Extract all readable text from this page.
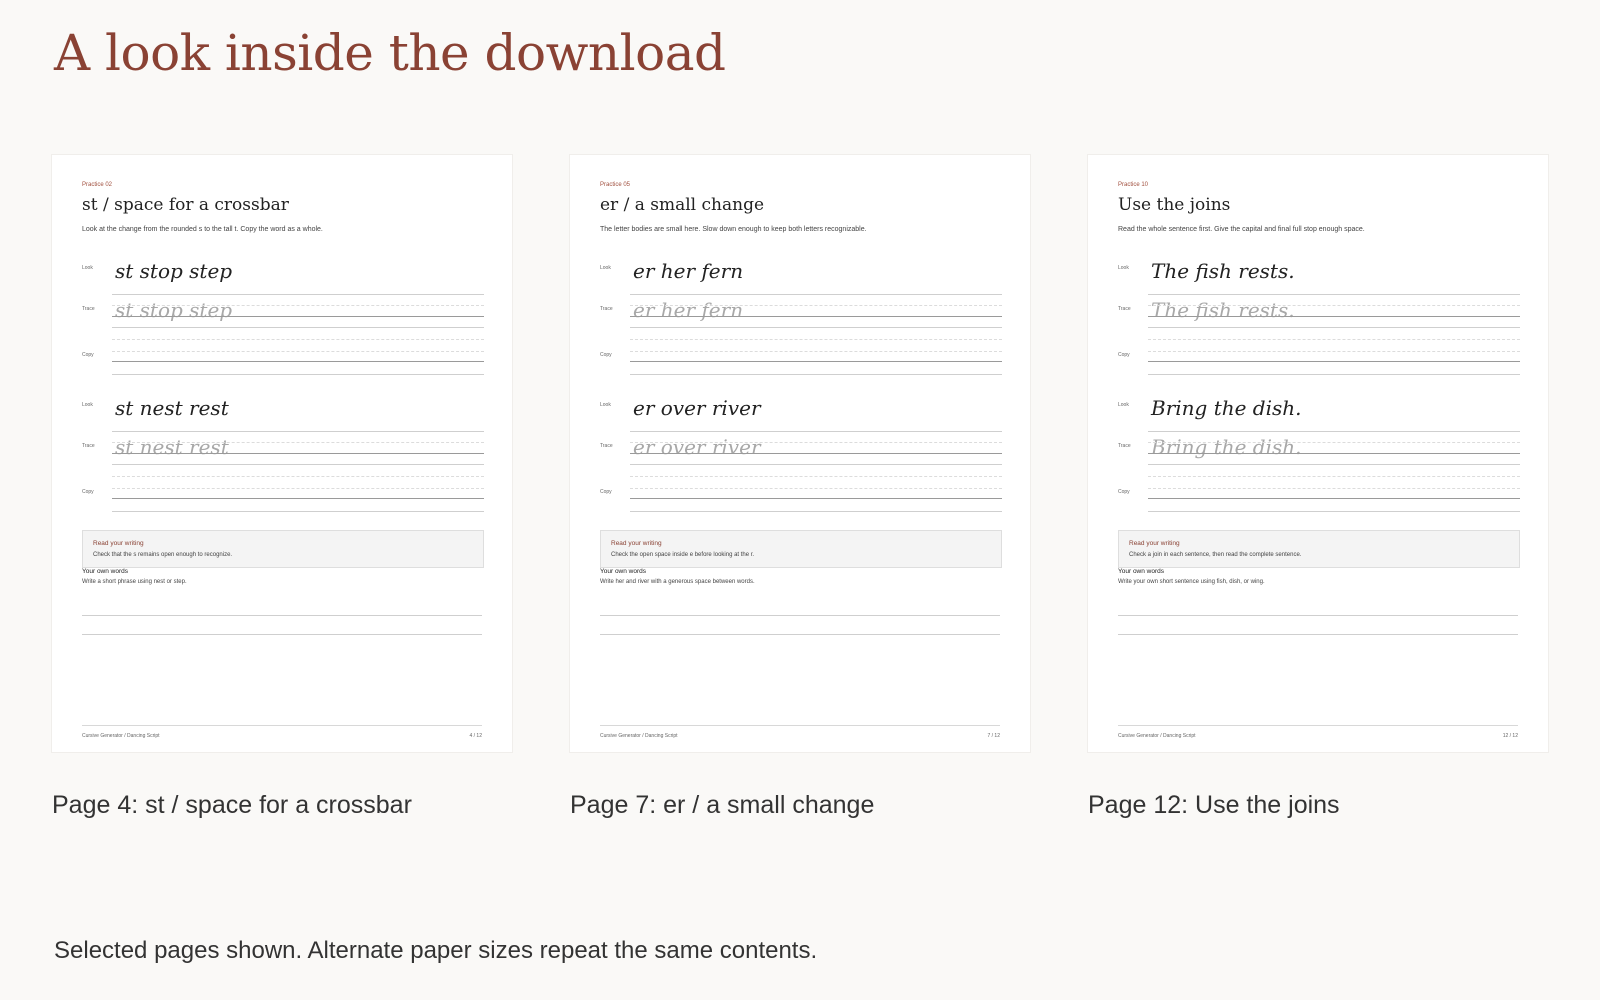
A look inside the download
Practice 02
st / space for a crossbar
Look at the change from the rounded s to the tall t. Copy the word as a whole.
Look
Trace
Copy
st stop step
st stop step
Look
Trace
Copy
st nest rest
st nest rest
Read your writing
Check that the s remains open enough to recognize.
Your own words
Write a short phrase using nest or step.
Cursive Generator / Dancing Script	4 / 12
Page 4: st / space for a crossbar
Practice 05
er / a small change
The letter bodies are small here. Slow down enough to keep both letters recognizable.
Look
Trace
Copy
er her fern
er her fern
Look
Trace
Copy
er over river
er over river
Read your writing
Check the open space inside e before looking at the r.
Your own words
Write her and river with a generous space between words.
Cursive Generator / Dancing Script	7 / 12
Page 7: er / a small change
Practice 10
Use the joins
Read the whole sentence first. Give the capital and final full stop enough space.
Look
Trace
Copy
The fish rests.
The fish rests.
Look
Trace
Copy
Bring the dish.
Bring the dish.
Read your writing
Check a join in each sentence, then read the complete sentence.
Your own words
Write your own short sentence using fish, dish, or wing.
Cursive Generator / Dancing Script	12 / 12
Page 12: Use the joins

Selected pages shown. Alternate paper sizes repeat the same contents.
